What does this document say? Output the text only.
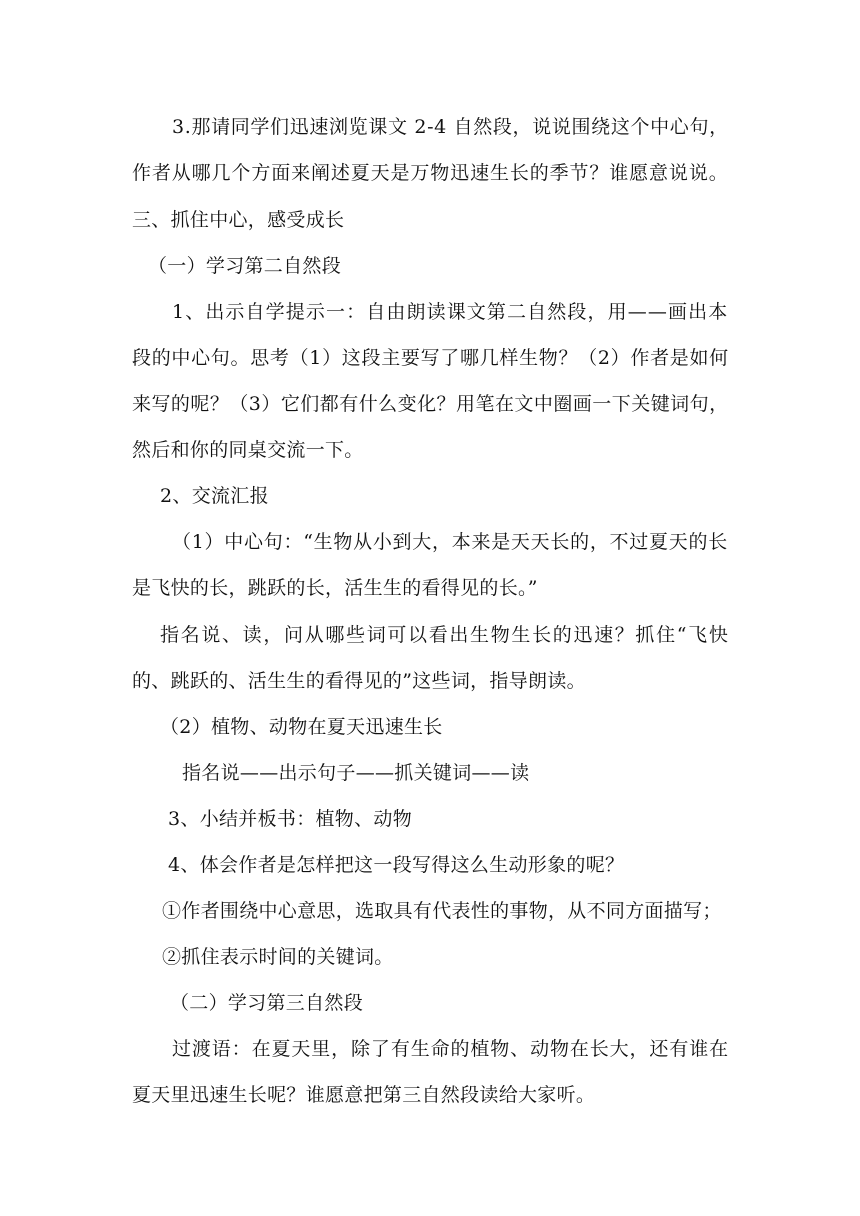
3.那请同学们迅速浏览课文 2-4 自然段，说说围绕这个中心句，
作者从哪几个方面来阐述夏天是万物迅速生长的季节？谁愿意说说。
三、抓住中心，感受成长
（一）学习第二自然段
1、出示自学提示一：自由朗读课文第二自然段，用——画出本
段的中心句。思考（1）这段主要写了哪几样生物？（2）作者是如何
来写的呢？（3）它们都有什么变化？用笔在文中圈画一下关键词句，
然后和你的同桌交流一下。
2、交流汇报
（1）中心句：“生物从小到大，本来是天天长的，不过夏天的长
是飞快的长，跳跃的长，活生生的看得见的长。”
指名说、读，问从哪些词可以看出生物生长的迅速？抓住“飞快
的、跳跃的、活生生的看得见的”这些词，指导朗读。
（2）植物、动物在夏天迅速生长
指名说——出示句子——抓关键词——读
3、小结并板书：植物、动物
4、体会作者是怎样把这一段写得这么生动形象的呢？
①作者围绕中心意思，选取具有代表性的事物，从不同方面描写；
②抓住表示时间的关键词。
（二）学习第三自然段
过渡语：在夏天里，除了有生命的植物、动物在长大，还有谁在
夏天里迅速生长呢？谁愿意把第三自然段读给大家听。
